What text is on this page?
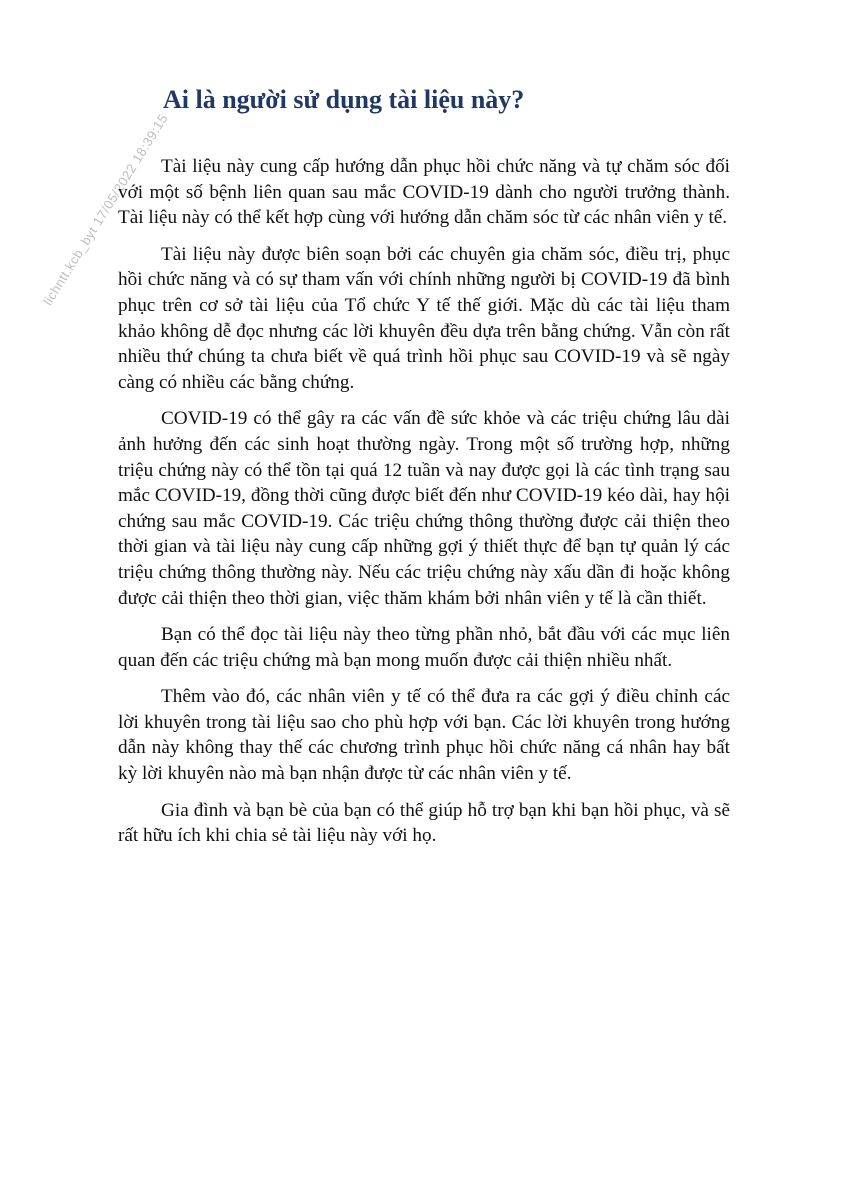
Ai là người sử dụng tài liệu này?
lichntt.kcb_byt 17/05/2022 18:39:15

Tài liệu này cung cấp hướng dẫn phục hồi chức năng và tự chăm sóc đối với một số bệnh liên quan sau mắc COVID-19 dành cho người trưởng thành. Tài liệu này có thể kết hợp cùng với hướng dẫn chăm sóc từ các nhân viên y tế.

Tài liệu này được biên soạn bởi các chuyên gia chăm sóc, điều trị, phục hồi chức năng và có sự tham vấn với chính những người bị COVID-19 đã bình phục trên cơ sở tài liệu của Tổ chức Y tế thế giới. Mặc dù các tài liệu tham khảo không dễ đọc nhưng các lời khuyên đều dựa trên bằng chứng. Vẫn còn rất nhiều thứ chúng ta chưa biết về quá trình hồi phục sau COVID-19 và sẽ ngày càng có nhiều các bằng chứng.

COVID-19 có thể gây ra các vấn đề sức khỏe và các triệu chứng lâu dài ảnh hưởng đến các sinh hoạt thường ngày. Trong một số trường hợp, những triệu chứng này có thể tồn tại quá 12 tuần và nay được gọi là các tình trạng sau mắc COVID-19, đồng thời cũng được biết đến như COVID-19 kéo dài, hay hội chứng sau mắc COVID-19. Các triệu chứng thông thường được cải thiện theo thời gian và tài liệu này cung cấp những gợi ý thiết thực để bạn tự quản lý các triệu chứng thông thường này. Nếu các triệu chứng này xấu dần đi hoặc không được cải thiện theo thời gian, việc thăm khám bởi nhân viên y tế là cần thiết.

Bạn có thể đọc tài liệu này theo từng phần nhỏ, bắt đầu với các mục liên quan đến các triệu chứng mà bạn mong muốn được cải thiện nhiều nhất.

Thêm vào đó, các nhân viên y tế có thể đưa ra các gợi ý điều chỉnh các lời khuyên trong tài liệu sao cho phù hợp với bạn. Các lời khuyên trong hướng dẫn này không thay thế các chương trình phục hồi chức năng cá nhân hay bất kỳ lời khuyên nào mà bạn nhận được từ các nhân viên y tế.

Gia đình và bạn bè của bạn có thể giúp hỗ trợ bạn khi bạn hồi phục, và sẽ rất hữu ích khi chia sẻ tài liệu này với họ.
